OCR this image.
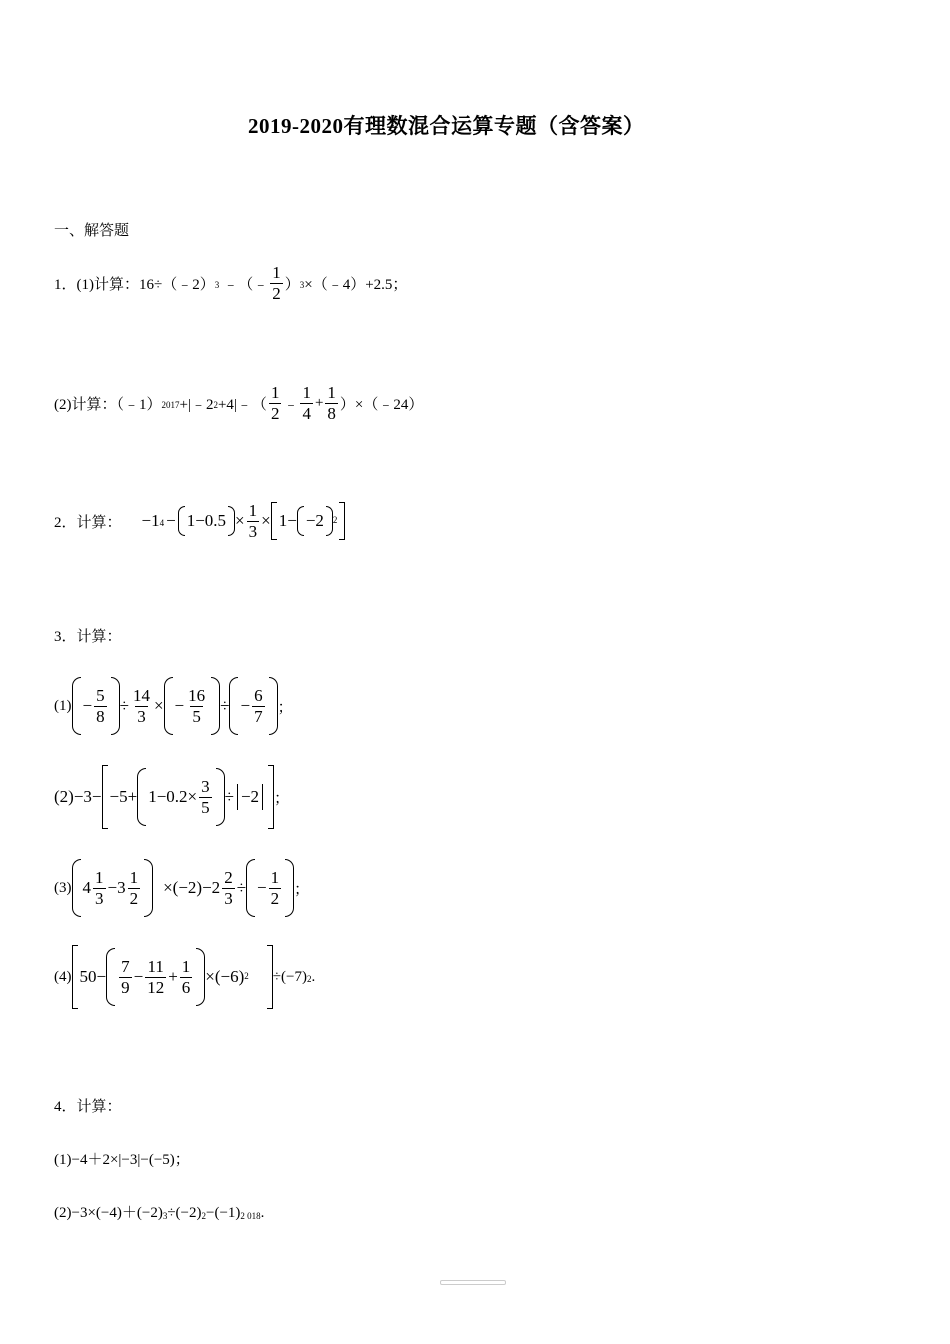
2019-2020有理数混合运算专题（含答案）
一、解答题
1．(1)计算：16÷（﹣2） 3 ﹣（﹣ $\frac{1}{2}$ ） 3 ×（﹣4）+2.5；
(2)计算：（﹣1） 2017 +|﹣2 2 +4|﹣（ $\frac{1}{2}$ ﹣ $\frac{1}{4} + \frac{1}{8}$ ）×（﹣24）
2．计算： −1 $4 - 1-0.5 \times \frac{1}{3} \times 1- -2$ 2
3．计算：
$(1) - \frac{5}{8} \div \frac{14}{3}$ × − $\frac{16}{5}$ ÷ − $\frac{6}{7}$ ；
$(2)-3- -5+ 1-0.2\times \frac{3}{5} \div -2$ ；
(3) $4 \frac{1}{3} -3 \frac{1}{2} \times(-2)-2 \frac{2}{3}$ ÷ − $\frac{1}{2}$ ；
(4) $50- \frac{7}{9} - \frac{11}{12} + \frac{1}{6} \times(-6)$ 2 ÷(−7) 2 .
4．计算：
(1)−4＋2×|−3|−(−5)；
(2)−3×(−4)＋(−2)3÷(−2)2−(−1)2 018.
